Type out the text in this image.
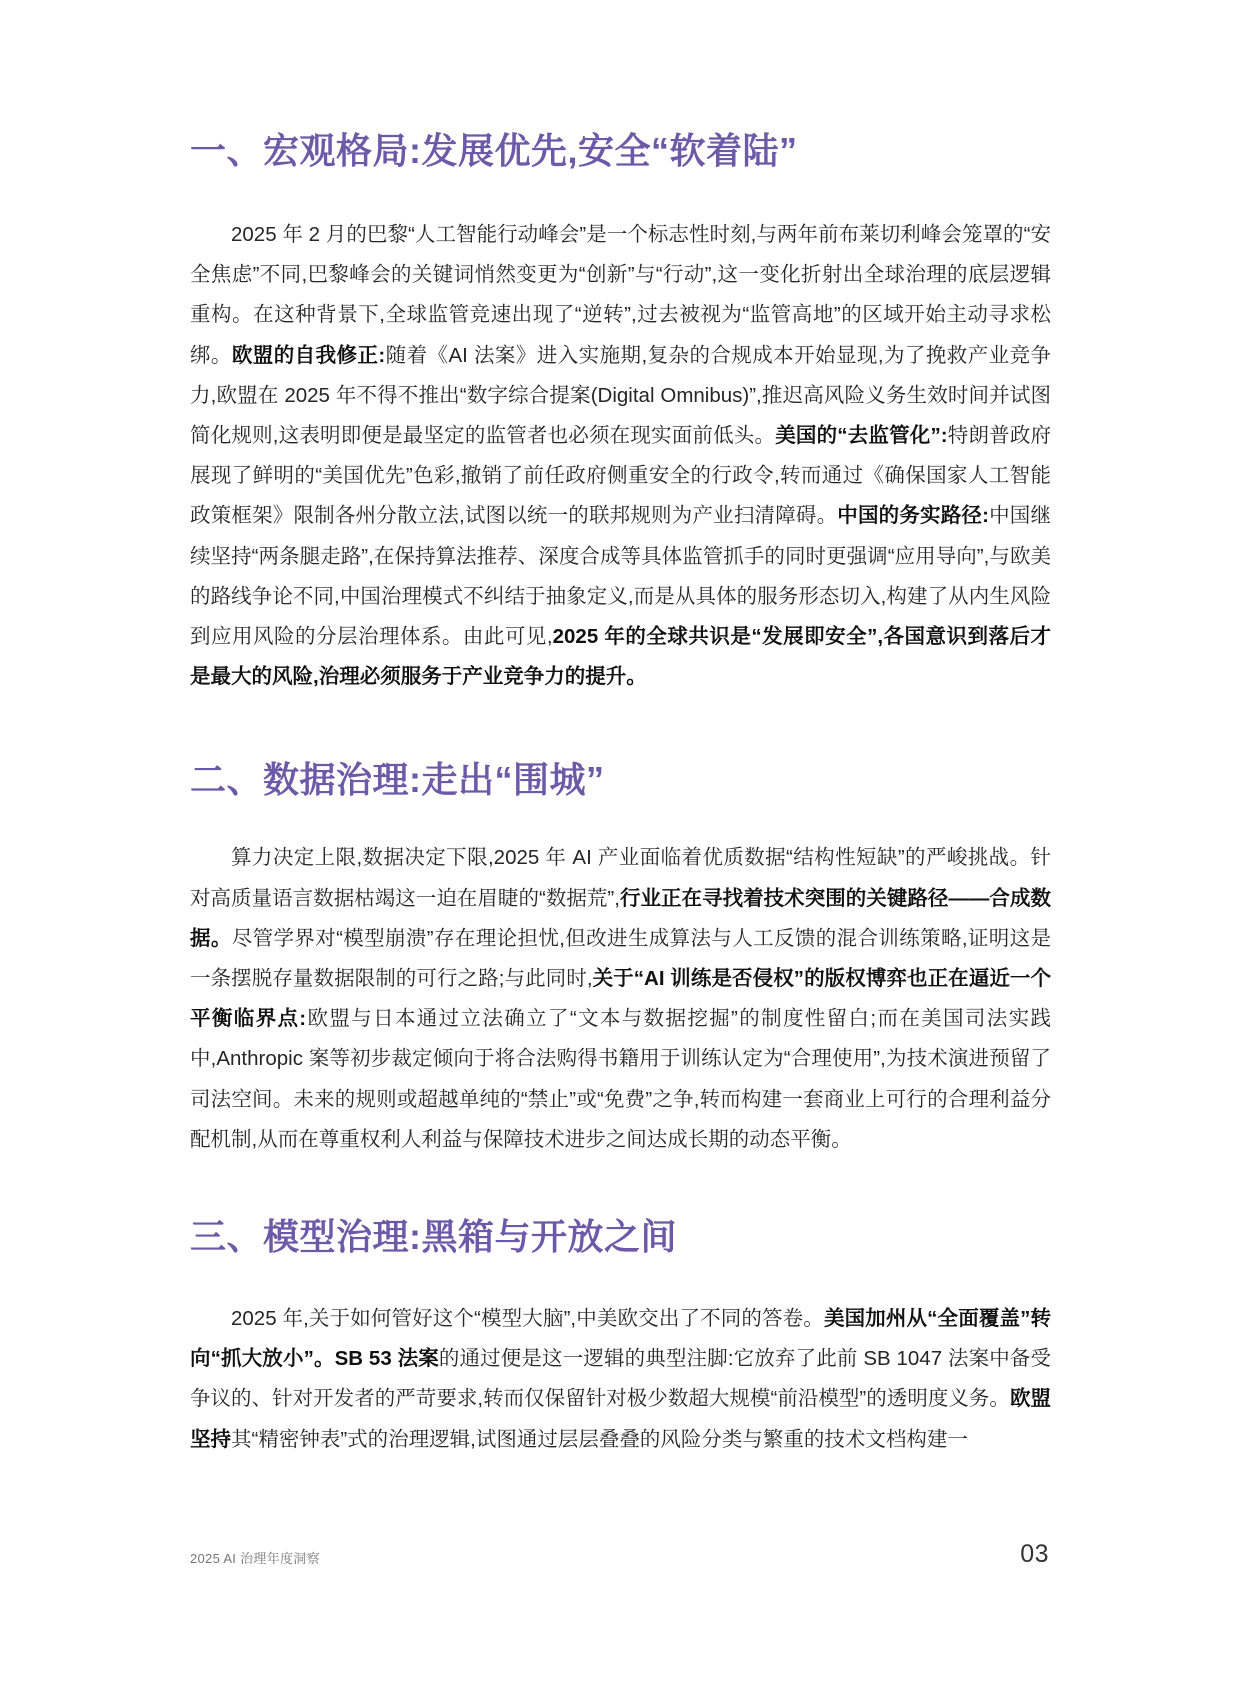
一、宏观格局:发展优先,安全“软着陆”

2025 年 2 月的巴黎“人工智能行动峰会”是一个标志性时刻,与两年前布莱切利峰会笼罩的“安全焦虑”不同,巴黎峰会的关键词悄然变更为“创新”与“行动”,这一变化折射出全球治理的底层逻辑重构。在这种背景下,全球监管竞速出现了“逆转”,过去被视为“监管高地”的区域开始主动寻求松绑。欧盟的自我修正:随着《AI 法案》进入实施期,复杂的合规成本开始显现,为了挽救产业竞争力,欧盟在 2025 年不得不推出“数字综合提案(Digital Omnibus)”,推迟高风险义务生效时间并试图简化规则,这表明即便是最坚定的监管者也必须在现实面前低头。美国的“去监管化”:特朗普政府展现了鲜明的“美国优先”色彩,撤销了前任政府侧重安全的行政令,转而通过《确保国家人工智能政策框架》限制各州分散立法,试图以统一的联邦规则为产业扫清障碍。中国的务实路径:中国继续坚持“两条腿走路”,在保持算法推荐、深度合成等具体监管抓手的同时更强调“应用导向”,与欧美的路线争论不同,中国治理模式不纠结于抽象定义,而是从具体的服务形态切入,构建了从内生风险到应用风险的分层治理体系。由此可见,2025 年的全球共识是“发展即安全”,各国意识到落后才是最大的风险,治理必须服务于产业竞争力的提升。

二、数据治理:走出“围城”

算力决定上限,数据决定下限,2025 年 AI 产业面临着优质数据“结构性短缺”的严峻挑战。针对高质量语言数据枯竭这一迫在眉睫的“数据荒”,行业正在寻找着技术突围的关键路径——合成数据。尽管学界对“模型崩溃”存在理论担忧,但改进生成算法与人工反馈的混合训练策略,证明这是一条摆脱存量数据限制的可行之路;与此同时,关于“AI 训练是否侵权”的版权博弈也正在逼近一个平衡临界点:欧盟与日本通过立法确立了“文本与数据挖掘”的制度性留白;而在美国司法实践中,Anthropic 案等初步裁定倾向于将合法购得书籍用于训练认定为“合理使用”,为技术演进预留了司法空间。未来的规则或超越单纯的“禁止”或“免费”之争,转而构建一套商业上可行的合理利益分配机制,从而在尊重权利人利益与保障技术进步之间达成长期的动态平衡。

三、模型治理:黑箱与开放之间

2025 年,关于如何管好这个“模型大脑”,中美欧交出了不同的答卷。美国加州从“全面覆盖”转向“抓大放小”。SB 53 法案的通过便是这一逻辑的典型注脚:它放弃了此前 SB 1047 法案中备受争议的、针对开发者的严苛要求,转而仅保留针对极少数超大规模“前沿模型”的透明度义务。欧盟坚持其“精密钟表”式的治理逻辑,试图通过层层叠叠的风险分类与繁重的技术文档构建一

2025 AI 治理年度洞察	03
